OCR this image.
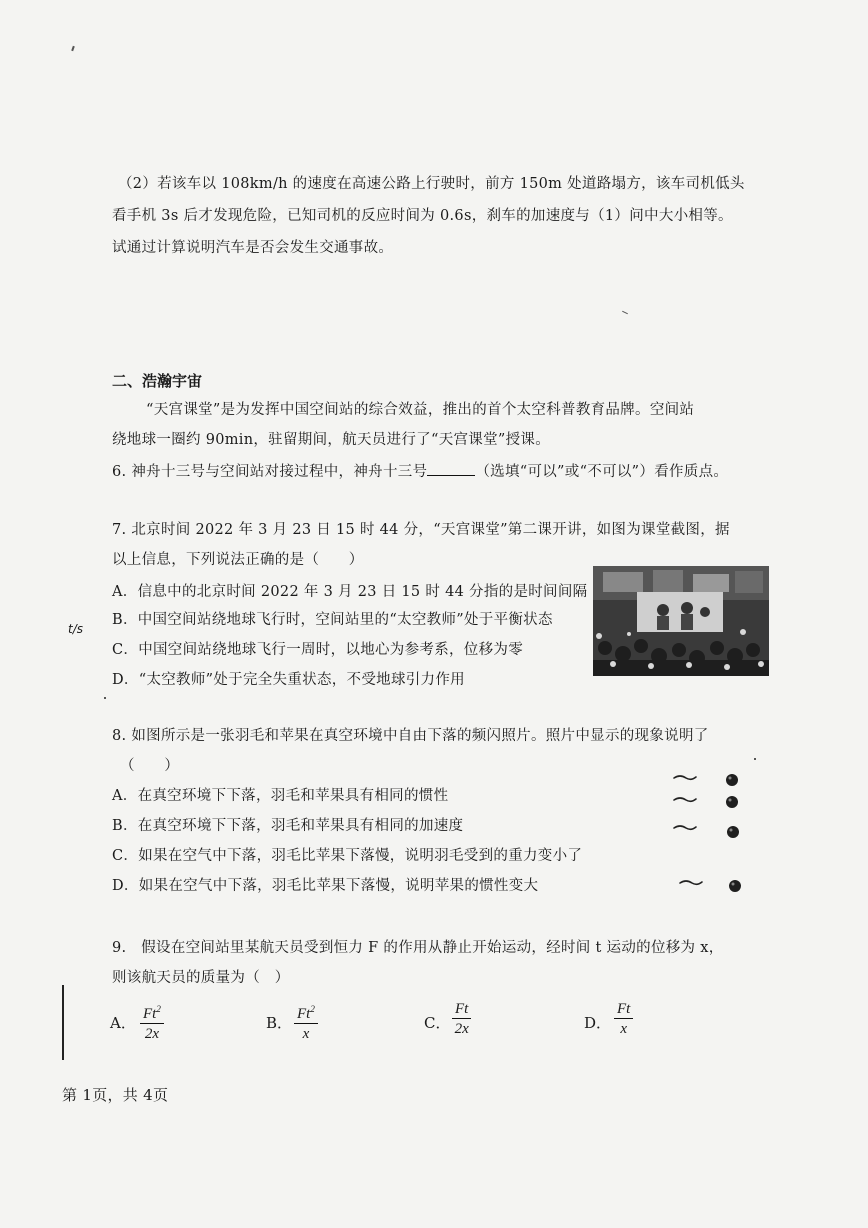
（2）若该车以 108km/h 的速度在高速公路上行驶时，前方 150m 处道路塌方，该车司机低头
看手机 3s 后才发现危险，已知司机的反应时间为 0.6s，刹车的加速度与（1）问中大小相等。
试通过计算说明汽车是否会发生交通事故。
二、浩瀚宇宙
“天宫课堂”是为发挥中国空间站的综合效益，推出的首个太空科普教育品牌。空间站
绕地球一圈约 90min，驻留期间，航天员进行了“天宫课堂”授课。
6. 神舟十三号与空间站对接过程中，神舟十三号	（选填“可以”或“不可以”）看作质点。
7. 北京时间 2022 年 3 月 23 日 15 时 44 分，“天宫课堂”第二课开讲，如图为课堂截图，据
以上信息，下列说法正确的是（　　）
A．信息中的北京时间 2022 年 3 月 23 日 15 时 44 分指的是时间间隔
B．中国空间站绕地球飞行时，空间站里的“太空教师”处于平衡状态
C．中国空间站绕地球飞行一周时，以地心为参考系，位移为零
D．“太空教师”处于完全失重状态，不受地球引力作用
t/s
8. 如图所示是一张羽毛和苹果在真空环境中自由下落的频闪照片。照片中显示的现象说明了
（　　）
A．在真空环境下下落，羽毛和苹果具有相同的惯性
B．在真空环境下下落，羽毛和苹果具有相同的加速度
C．如果在空气中下落，羽毛比苹果下落慢，说明羽毛受到的重力变小了
D．如果在空气中下落，羽毛比苹果下落慢，说明苹果的惯性变大
9.　假设在空间站里某航天员受到恒力 F 的作用从静止开始运动，经时间 t 运动的位移为 x，
则该航天员的质量为（　）
A． $\frac{Ft^2}{2x}$	B． $\frac{Ft^2}{x}$	C． $\frac{Ft}{2x}$	D． $\frac{Ft}{x}$
第 1页，共 4页
